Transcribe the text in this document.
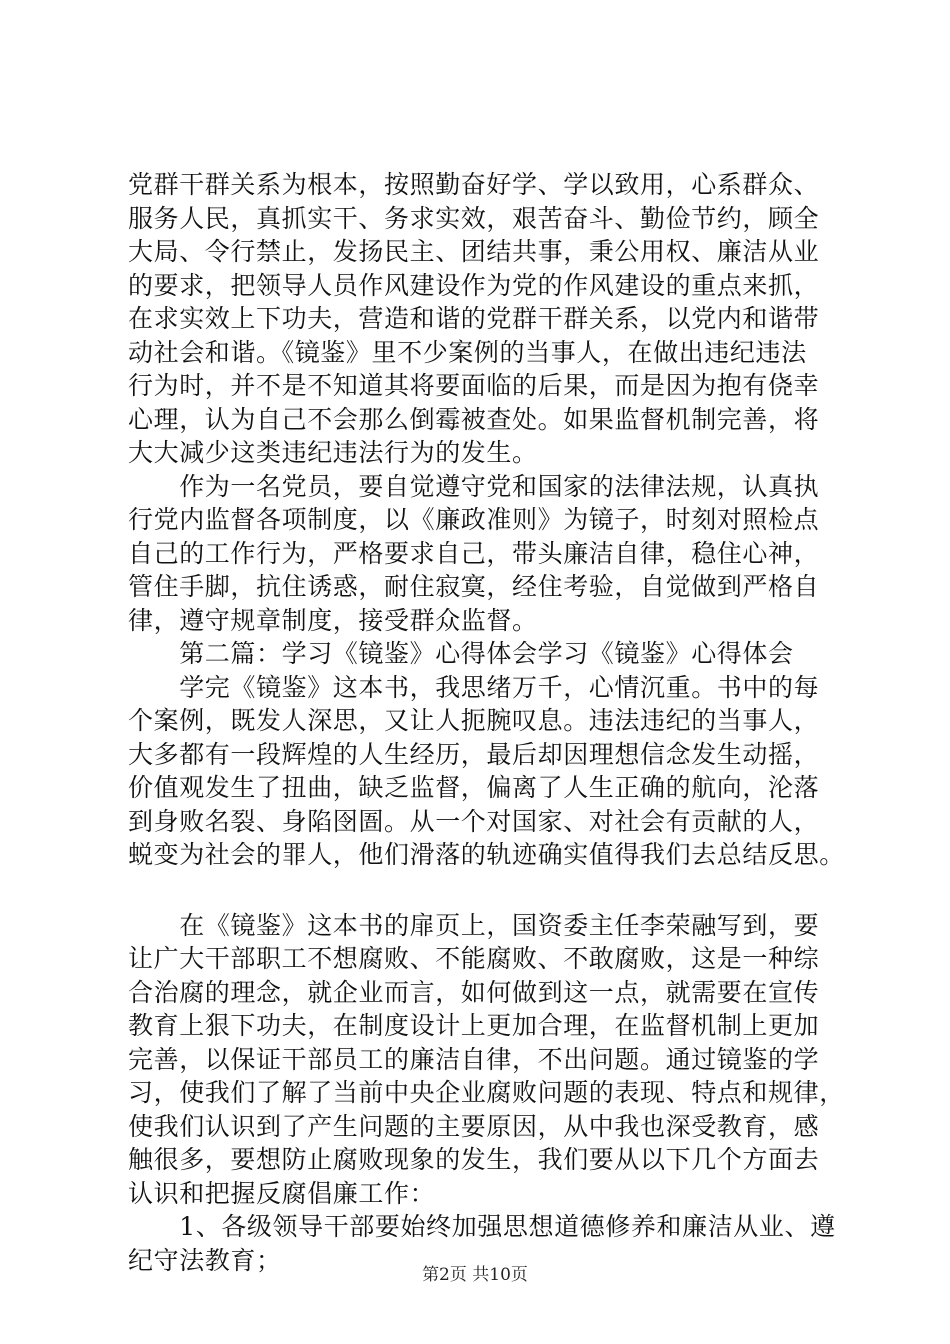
党群干群关系为根本，按照勤奋好学、学以致用，心系群众、
服务人民，真抓实干、务求实效，艰苦奋斗、勤俭节约，顾全
大局、令行禁止，发扬民主、团结共事，秉公用权、廉洁从业
的要求，把领导人员作风建设作为党的作风建设的重点来抓，
在求实效上下功夫，营造和谐的党群干群关系，以党内和谐带
动社会和谐。《镜鉴》里不少案例的当事人，在做出违纪违法
行为时，并不是不知道其将要面临的后果，而是因为抱有侥幸
心理，认为自己不会那么倒霉被查处。如果监督机制完善，将
大大减少这类违纪违法行为的发生。
　　作为一名党员，要自觉遵守党和国家的法律法规，认真执
行党内监督各项制度，以《廉政准则》为镜子，时刻对照检点
自己的工作行为，严格要求自己，带头廉洁自律，稳住心神，
管住手脚，抗住诱惑，耐住寂寞，经住考验，自觉做到严格自
律，遵守规章制度，接受群众监督。
　　第二篇：学习《镜鉴》心得体会学习《镜鉴》心得体会
　　学完《镜鉴》这本书，我思绪万千，心情沉重。书中的每
个案例，既发人深思，又让人扼腕叹息。违法违纪的当事人，
大多都有一段辉煌的人生经历，最后却因理想信念发生动摇，
价值观发生了扭曲，缺乏监督，偏离了人生正确的航向，沦落
到身败名裂、身陷囹圄。从一个对国家、对社会有贡献的人，
蜕变为社会的罪人，他们滑落的轨迹确实值得我们去总结反思。
　　在《镜鉴》这本书的扉页上，国资委主任李荣融写到，要
让广大干部职工不想腐败、不能腐败、不敢腐败，这是一种综
合治腐的理念，就企业而言，如何做到这一点，就需要在宣传
教育上狠下功夫，在制度设计上更加合理，在监督机制上更加
完善，以保证干部员工的廉洁自律，不出问题。通过镜鉴的学
习，使我们了解了当前中央企业腐败问题的表现、特点和规律，
使我们认识到了产生问题的主要原因，从中我也深受教育，感
触很多，要想防止腐败现象的发生，我们要从以下几个方面去
认识和把握反腐倡廉工作：
　　1、各级领导干部要始终加强思想道德修养和廉洁从业、遵
纪守法教育；
第2页 共10页
